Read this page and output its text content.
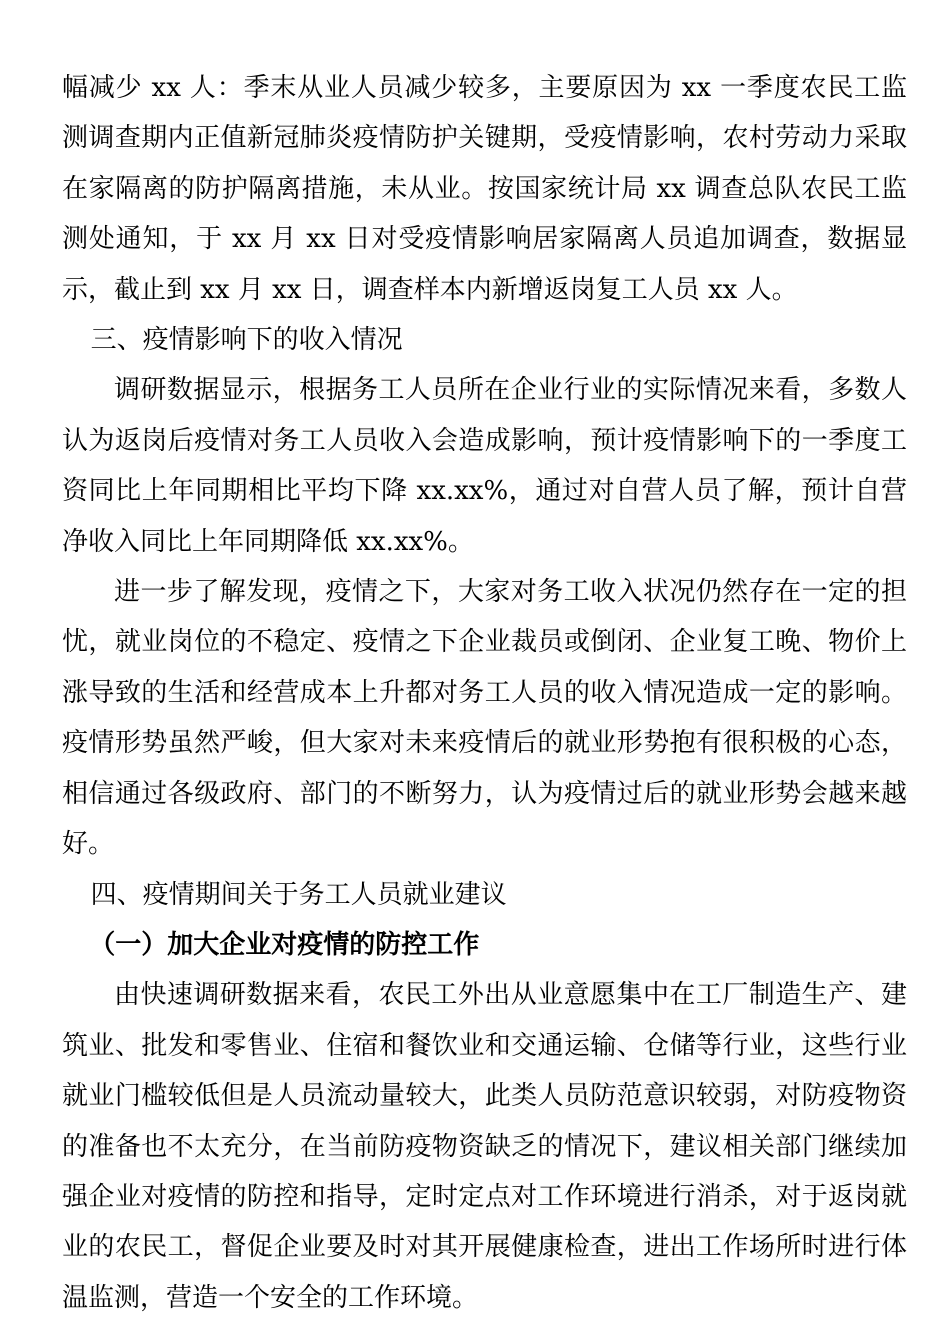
幅减少 xx 人：季末从业人员减少较多，主要原因为 xx 一季度农民工监测调查期内正值新冠肺炎疫情防护关键期，受疫情影响，农村劳动力采取在家隔离的防护隔离措施，未从业。按国家统计局 xx 调查总队农民工监测处通知，于 xx 月 xx 日对受疫情影响居家隔离人员追加调查，数据显示，截止到 xx 月 xx 日，调查样本内新增返岗复工人员 xx 人。

三、疫情影响下的收入情况

调研数据显示，根据务工人员所在企业行业的实际情况来看，多数人认为返岗后疫情对务工人员收入会造成影响，预计疫情影响下的一季度工资同比上年同期相比平均下降 xx.xx%，通过对自营人员了解，预计自营净收入同比上年同期降低 xx.xx%。

进一步了解发现，疫情之下，大家对务工收入状况仍然存在一定的担忧，就业岗位的不稳定、疫情之下企业裁员或倒闭、企业复工晚、物价上涨导致的生活和经营成本上升都对务工人员的收入情况造成一定的影响。疫情形势虽然严峻，但大家对未来疫情后的就业形势抱有很积极的心态，相信通过各级政府、部门的不断努力，认为疫情过后的就业形势会越来越好。

四、疫情期间关于务工人员就业建议

（一）加大企业对疫情的防控工作

由快速调研数据来看，农民工外出从业意愿集中在工厂制造生产、建筑业、批发和零售业、住宿和餐饮业和交通运输、仓储等行业，这些行业就业门槛较低但是人员流动量较大，此类人员防范意识较弱，对防疫物资的准备也不太充分，在当前防疫物资缺乏的情况下，建议相关部门继续加强企业对疫情的防控和指导，定时定点对工作环境进行消杀，对于返岗就业的农民工，督促企业要及时对其开展健康检查，进出工作场所时进行体温监测，营造一个安全的工作环境。
